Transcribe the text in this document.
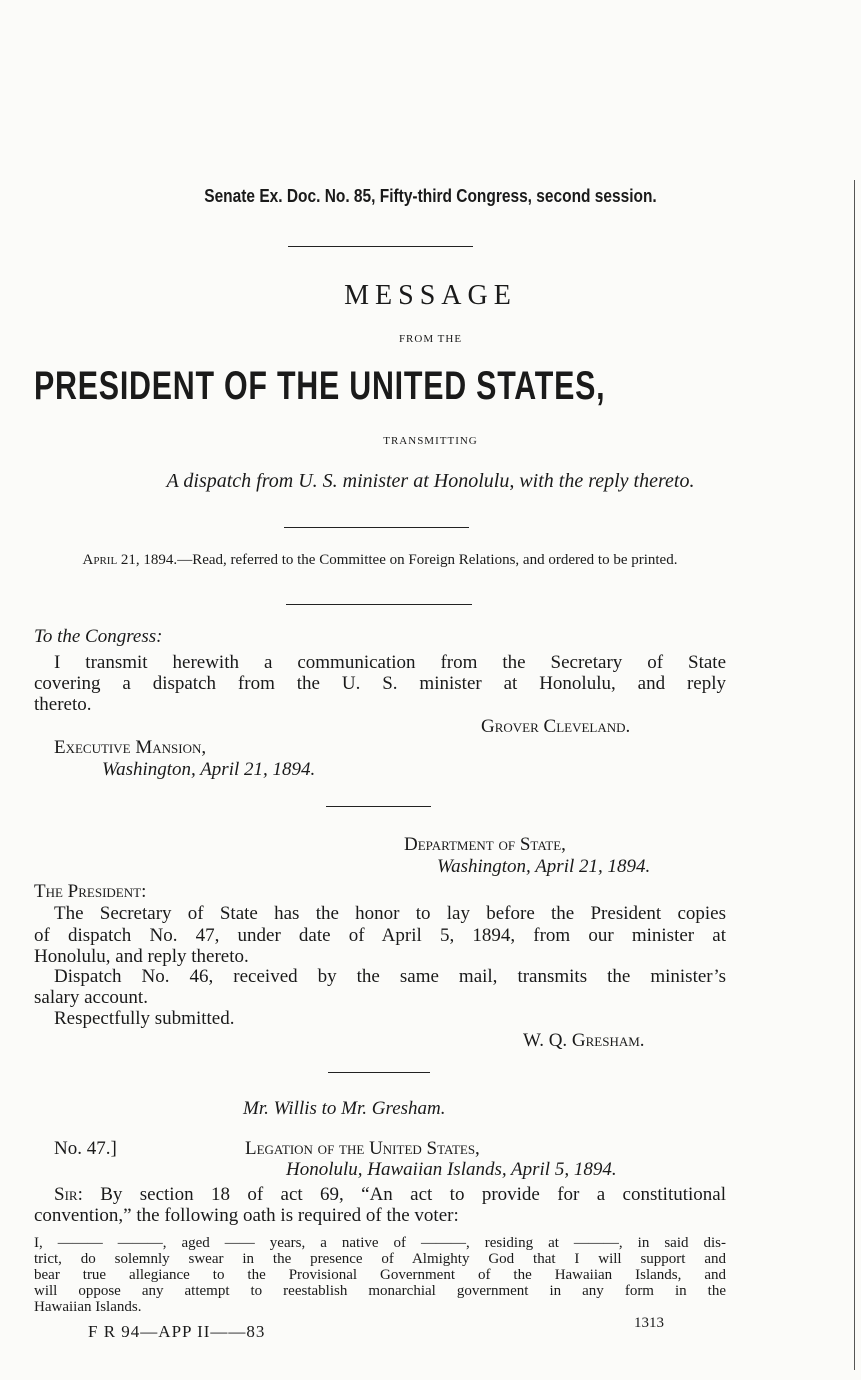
Senate Ex. Doc. No. 85, Fifty-third Congress, second session.
MESSAGE
FROM THE
PRESIDENT OF THE UNITED STATES,
TRANSMITTING
A dispatch from U. S. minister at Honolulu, with the reply thereto.
April 21, 1894.—Read, referred to the Committee on Foreign Relations, and ordered to be printed.
To the Congress:
I transmit herewith a communication from the Secretary of State
covering a dispatch from the U. S. minister at Honolulu, and reply
thereto.
Grover Cleveland.
Executive Mansion,
Washington, April 21, 1894.
Department of State,
Washington, April 21, 1894.
The President:
The Secretary of State has the honor to lay before the President copies
of dispatch No. 47, under date of April 5, 1894, from our minister at
Honolulu, and reply thereto.
Dispatch No. 46, received by the same mail, transmits the minister’s
salary account.
Respectfully submitted.
W. Q. Gresham.
Mr. Willis to Mr. Gresham.
No. 47.]	Legation of the United States,
Honolulu, Hawaiian Islands, April 5, 1894.
Sir: By section 18 of act 69, “An act to provide for a constitutional
convention,” the following oath is required of the voter:
I, ——— ———, aged —— years, a native of ———, residing at ———, in said dis-
trict, do solemnly swear in the presence of Almighty God that I will support and
bear true allegiance to the Provisional Government of the Hawaiian Islands, and
will oppose any attempt to reestablish monarchial government in any form in the
Hawaiian Islands.
F R 94—APP II——83	1313
